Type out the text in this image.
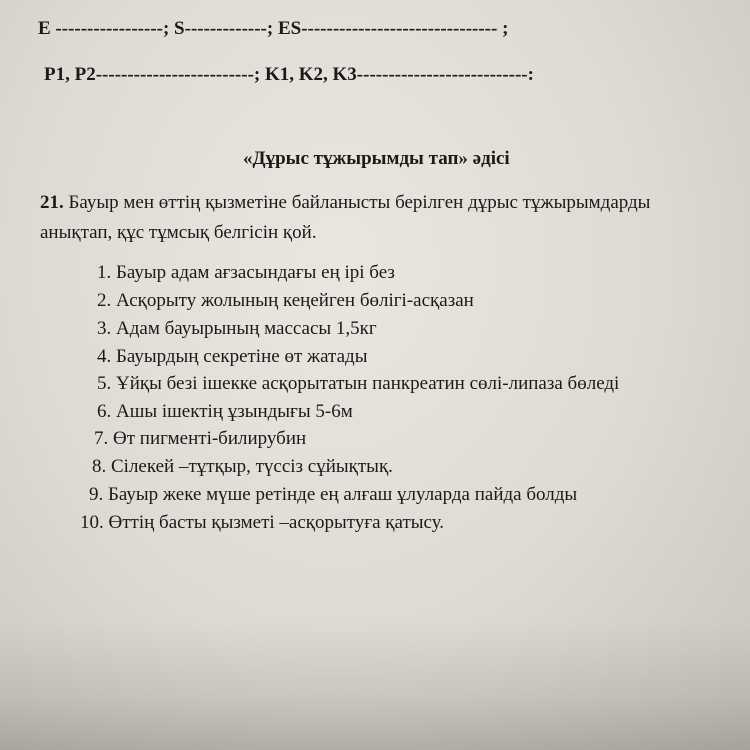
E -----------------; S-------------; ES------------------------------- ;
P1, P2-------------------------; K1, K2, K3---------------------------:
«Дұрыс тұжырымды тап» әдісі
21. Бауыр мен өттің қызметіне байланысты берілген дұрыс тұжырымдарды
анықтап, құс тұмсық белгісін қой.
1. Бауыр адам ағзасындағы ең ірі без
2. Асқорыту жолының кеңейген бөлігі-асқазан
3. Адам бауырының массасы 1,5кг
4. Бауырдың секретіне өт жатады
5. Ұйқы безі ішекке асқорытатын панкреатин сөлі-липаза бөледі
6. Ашы ішектің ұзындығы 5-6м
7. Өт пигменті-билирубин
8. Сілекей –тұтқыр, түссіз сұйықтық.
9. Бауыр жеке мүше ретінде ең алғаш ұлуларда пайда болды
10. Өттің басты қызметі –асқорытуға қатысу.
